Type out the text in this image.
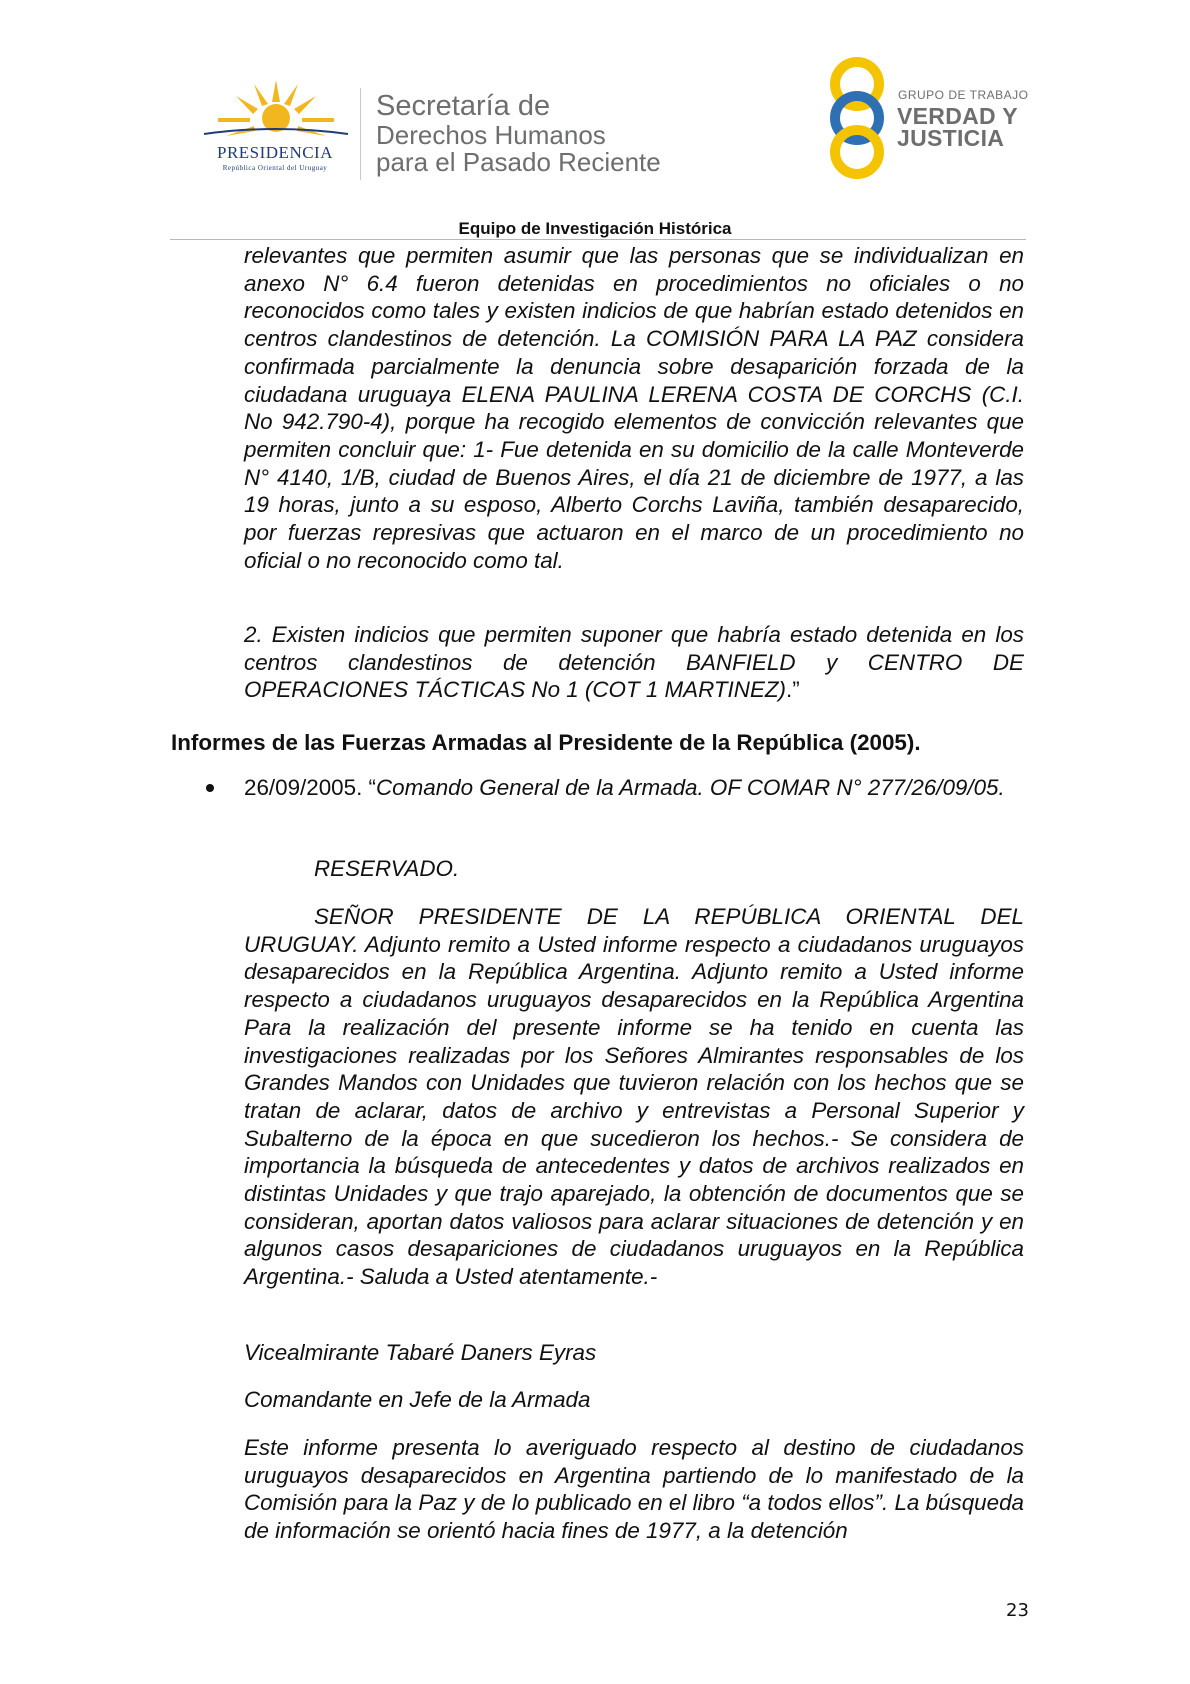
PRESIDENCIA
República Oriental del Uruguay
Secretaría de
Derechos Humanos
para el Pasado Reciente
GRUPO DE TRABAJO
VERDAD Y
JUSTICIA
Equipo de Investigación Histórica

relevantes que permiten asumir que las personas que se individualizan en anexo N° 6.4 fueron detenidas en procedimientos no oficiales o no reconocidos como tales y existen indicios de que habrían estado detenidos en centros clandestinos de detención. La COMISIÓN PARA LA PAZ considera confirmada parcialmente la denuncia sobre desaparición forzada de la ciudadana uruguaya ELENA PAULINA LERENA COSTA DE CORCHS (C.I. No 942.790-4), porque ha recogido elementos de convicción relevantes que permiten concluir que: 1- Fue detenida en su domicilio de la calle Monteverde N° 4140, 1/B, ciudad de Buenos Aires, el día 21 de diciembre de 1977, a las 19 horas, junto a su esposo, Alberto Corchs Laviña, también desaparecido, por fuerzas represivas que actuaron en el marco de un procedimiento no oficial o no reconocido como tal.

2. Existen indicios que permiten suponer que habría estado detenida en los centros clandestinos de detención BANFIELD y CENTRO DE OPERACIONES TÁCTICAS No 1 (COT 1 MARTINEZ).”

Informes de las Fuerzas Armadas al Presidente de la República (2005).

26/09/2005. “Comando General de la Armada. OF COMAR N° 277/26/09/05.

RESERVADO.

SEÑOR PRESIDENTE DE LA REPÚBLICA ORIENTAL DEL URUGUAY. Adjunto remito a Usted informe respecto a ciudadanos uruguayos desaparecidos en la República Argentina. Adjunto remito a Usted informe respecto a ciudadanos uruguayos desaparecidos en la República Argentina Para la realización del presente informe se ha tenido en cuenta las investigaciones realizadas por los Señores Almirantes responsables de los Grandes Mandos con Unidades que tuvieron relación con los hechos que se tratan de aclarar, datos de archivo y entrevistas a Personal Superior y Subalterno de la época en que sucedieron los hechos.- Se considera de importancia la búsqueda de antecedentes y datos de archivos realizados en distintas Unidades y que trajo aparejado, la obtención de documentos que se consideran, aportan datos valiosos para aclarar situaciones de detención y en algunos casos desapariciones de ciudadanos uruguayos en la República Argentina.- Saluda a Usted atentamente.-

Vicealmirante Tabaré Daners Eyras

Comandante en Jefe de la Armada

Este informe presenta lo averiguado respecto al destino de ciudadanos uruguayos desaparecidos en Argentina partiendo de lo manifestado de la Comisión para la Paz y de lo publicado en el libro “a todos ellos”. La búsqueda de información se orientó hacia fines de 1977, a la detención

23
